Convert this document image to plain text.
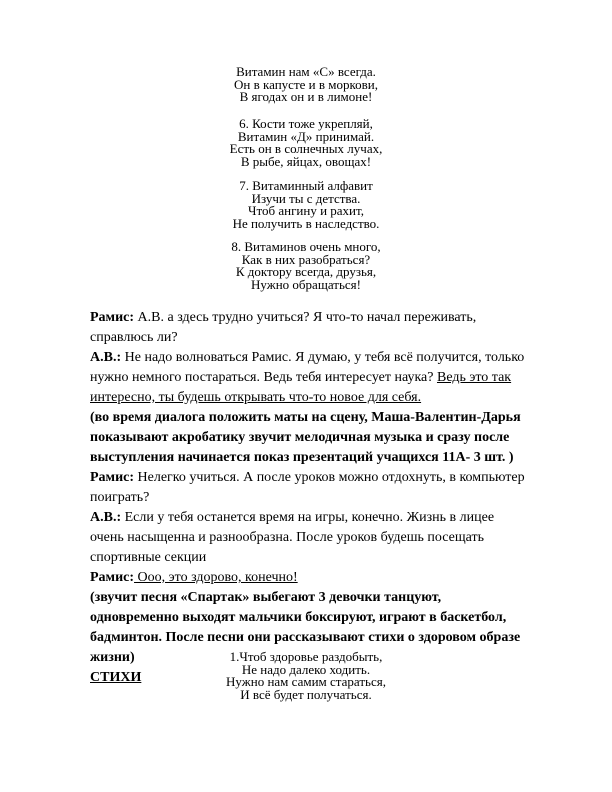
Витамин нам «С» всегда.
Он в капусте и в моркови,
В ягодах он и в лимоне!
6. Кости тоже укрепляй,
Витамин «Д» принимай.
Есть он в солнечных лучах,
В рыбе, яйцах, овощах!
7. Витаминный алфавит
Изучи ты с детства.
Чтоб ангину и рахит,
Не получить в наследство.
8. Витаминов очень много,
Как в них разобраться?
К доктору всегда, друзья,
Нужно обращаться!

Рамис: А.В. а здесь трудно учиться? Я что-то начал переживать, справлюсь ли?

А.В.: Не надо волноваться Рамис. Я думаю, у тебя всё получится, только нужно немного постараться. Ведь тебя интересует наука? Ведь это так интересно, ты будешь открывать что-то новое для себя.

(во время диалога положить маты на сцену, Маша-Валентин-Дарья показывают акробатику звучит мелодичная музыка и сразу после выступления начинается показ презентаций учащихся 11А- 3 шт. )

Рамис: Нелегко учиться. А после уроков можно отдохнуть, в компьютер поиграть?

А.В.: Если у тебя останется время на игры, конечно. Жизнь в лицее очень насыщенна и разнообразна. После уроков будешь посещать спортивные секции

Рамис: Ооо, это здорово, конечно!

(звучит песня «Спартак» выбегают 3 девочки танцуют, одновременно выходят мальчики боксируют, играют в баскетбол, бадминтон. После песни они рассказывают стихи о здоровом образе жизни)

СТИХИ

1.Чтоб здоровье раздобыть,
Не надо далеко ходить.
Нужно нам самим стараться,
И всё будет получаться.
